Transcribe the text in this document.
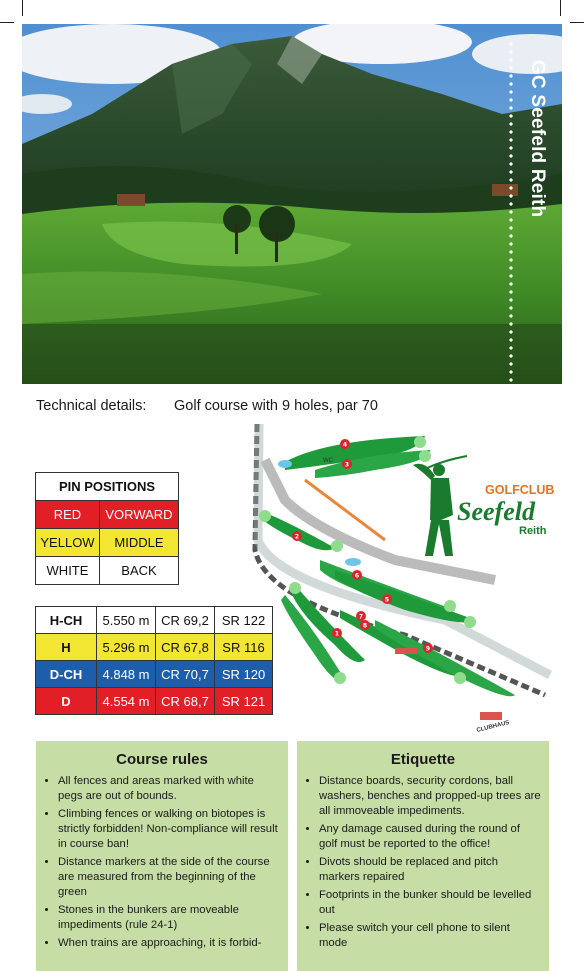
GC Seefeld Reith
Technical details: Golf course with 9 holes, par 70
PIN POSITIONS	
RED	VORWARD
YELLOW	MIDDLE
WHITE	BACK
H-CH	5.550 m	CR 69,2	SR 122
H	5.296 m	CR 67,8	SR 116
D-CH	4.848 m	CR 70,7	SR 120
D	4.554 m	CR 68,7	SR 121
4
3
2
6
5
7
1
8
9
WC
CLUBHAUS
GOLFCLUB
Seefeld
Reith
Course rules
• All fences and areas marked with white pegs are out of bounds.
• Climbing fences or walking on biotopes is strictly forbidden! Non-compliance will result in course ban!
• Distance markers at the side of the course are measured from the beginning of the green
• Stones in the bunkers are moveable impediments (rule 24-1)
• When trains are approaching, it is forbid-
Etiquette
• Distance boards, security cordons, ball washers, benches and propped-up trees are all immoveable impediments.
• Any damage caused during the round of golf must be reported to the office!
• Divots should be replaced and pitch markers repaired
• Footprints in the bunker should be levelled out
• Please switch your cell phone to silent mode
